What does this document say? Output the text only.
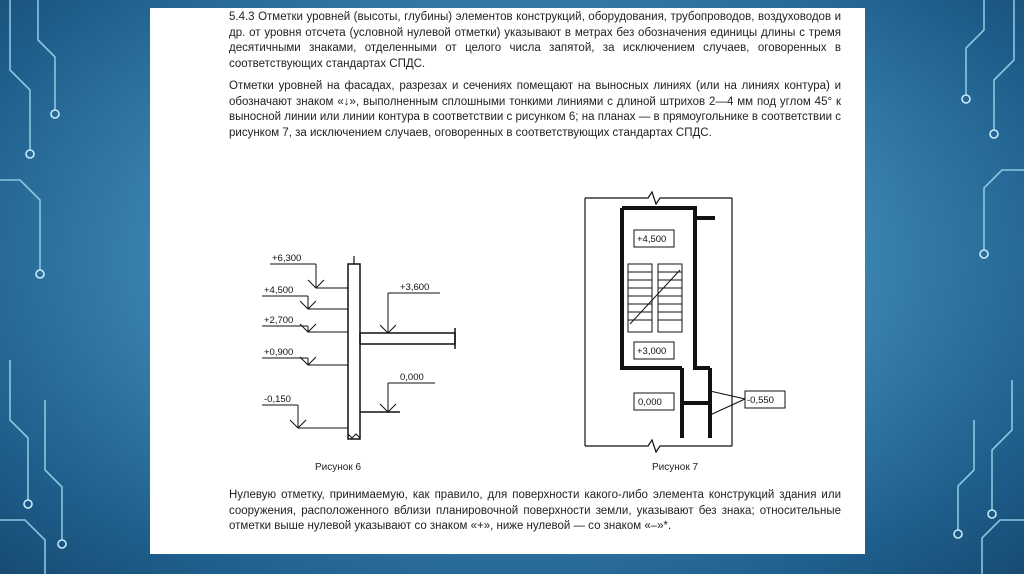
5.4.3 Отметки уровней (высоты, глубины) элементов конструкций, оборудования, трубопроводов, воздуховодов и др. от уровня отсчета (условной нулевой отметки) указывают в метрах без обозначения единицы длины с тремя десятичными знаками, отделенными от целого числа запятой, за исключением случаев, оговоренных в соответствующих стандартах СПДС.

Отметки уровней на фасадах, разрезах и сечениях помещают на выносных линиях (или на линиях контура) и обозначают знаком «↓», выполненным сплошными тонкими линиями с длиной штрихов 2—4 мм под углом 45° к выносной линии или линии контура в соответствии с рисунком 6; на планах — в прямоугольнике в соответствии с рисунком 7, за исключением случаев, оговоренных в соответствующих стандартах СПДС.

+6,300
+4,500
+2,700
+0,900
-0,150
+3,600
0,000
Рисунок 6
+4,500
+3,000
0,000	-0,550
Рисунок 7

Нулевую отметку, принимаемую, как правило, для поверхности какого-либо элемента конструкций здания или сооружения, расположенного вблизи планировочной поверхности земли, указывают без знака; относительные отметки выше нулевой указывают со знаком «+», ниже нулевой — со знаком «–»*.
